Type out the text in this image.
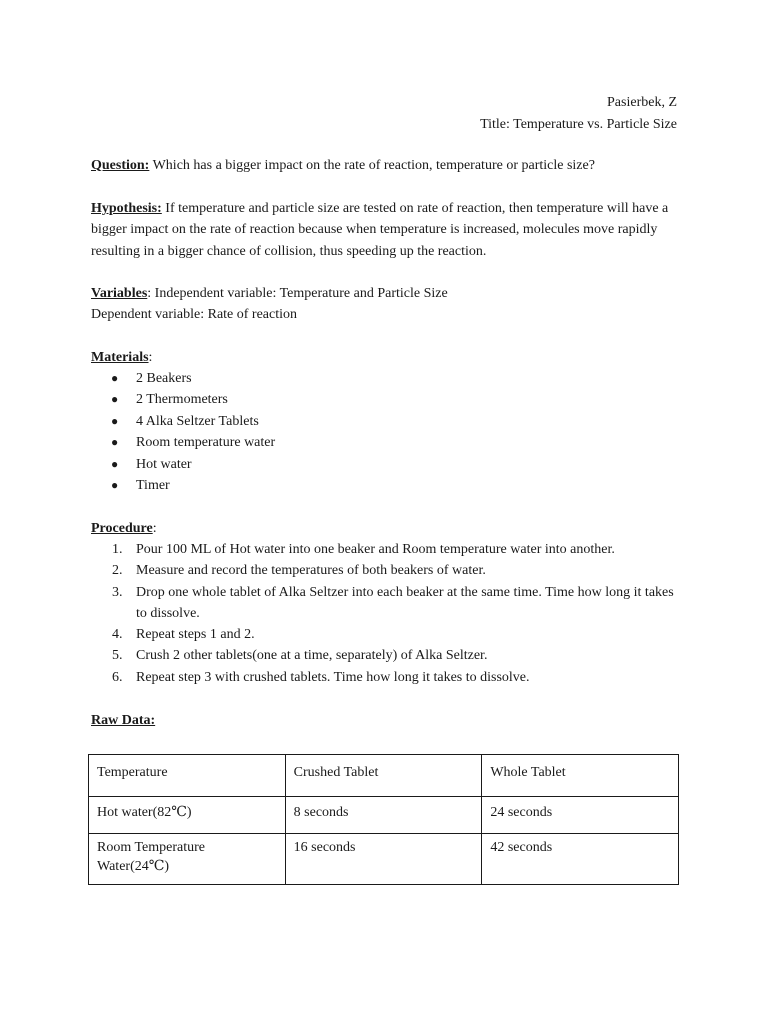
Pasierbek, Z
Title: Temperature vs. Particle Size
Question: Which has a bigger impact on the rate of reaction, temperature or particle size?
Hypothesis: If temperature and particle size are tested on rate of reaction, then temperature will have a bigger impact on the rate of reaction because when temperature is increased, molecules move rapidly resulting in a bigger chance of collision, thus speeding up the reaction.
Variables: Independent variable: Temperature and Particle Size
Dependent variable: Rate of reaction
Materials:
● 2 Beakers
● 2 Thermometers
● 4 Alka Seltzer Tablets
● Room temperature water
● Hot water
● Timer
Procedure:
1. Pour 100 ML of Hot water into one beaker and Room temperature water into another.
2. Measure and record the temperatures of both beakers of water.
3. Drop one whole tablet of Alka Seltzer into each beaker at the same time. Time how long it takes to dissolve.
4. Repeat steps 1 and 2.
5. Crush 2 other tablets(one at a time, separately) of Alka Seltzer.
6. Repeat step 3 with crushed tablets. Time how long it takes to dissolve.
Raw Data:
Temperature	Crushed Tablet	Whole Tablet
Hot water(82℃)	8 seconds	24 seconds
Room Temperature Water(24℃)	16 seconds	42 seconds
